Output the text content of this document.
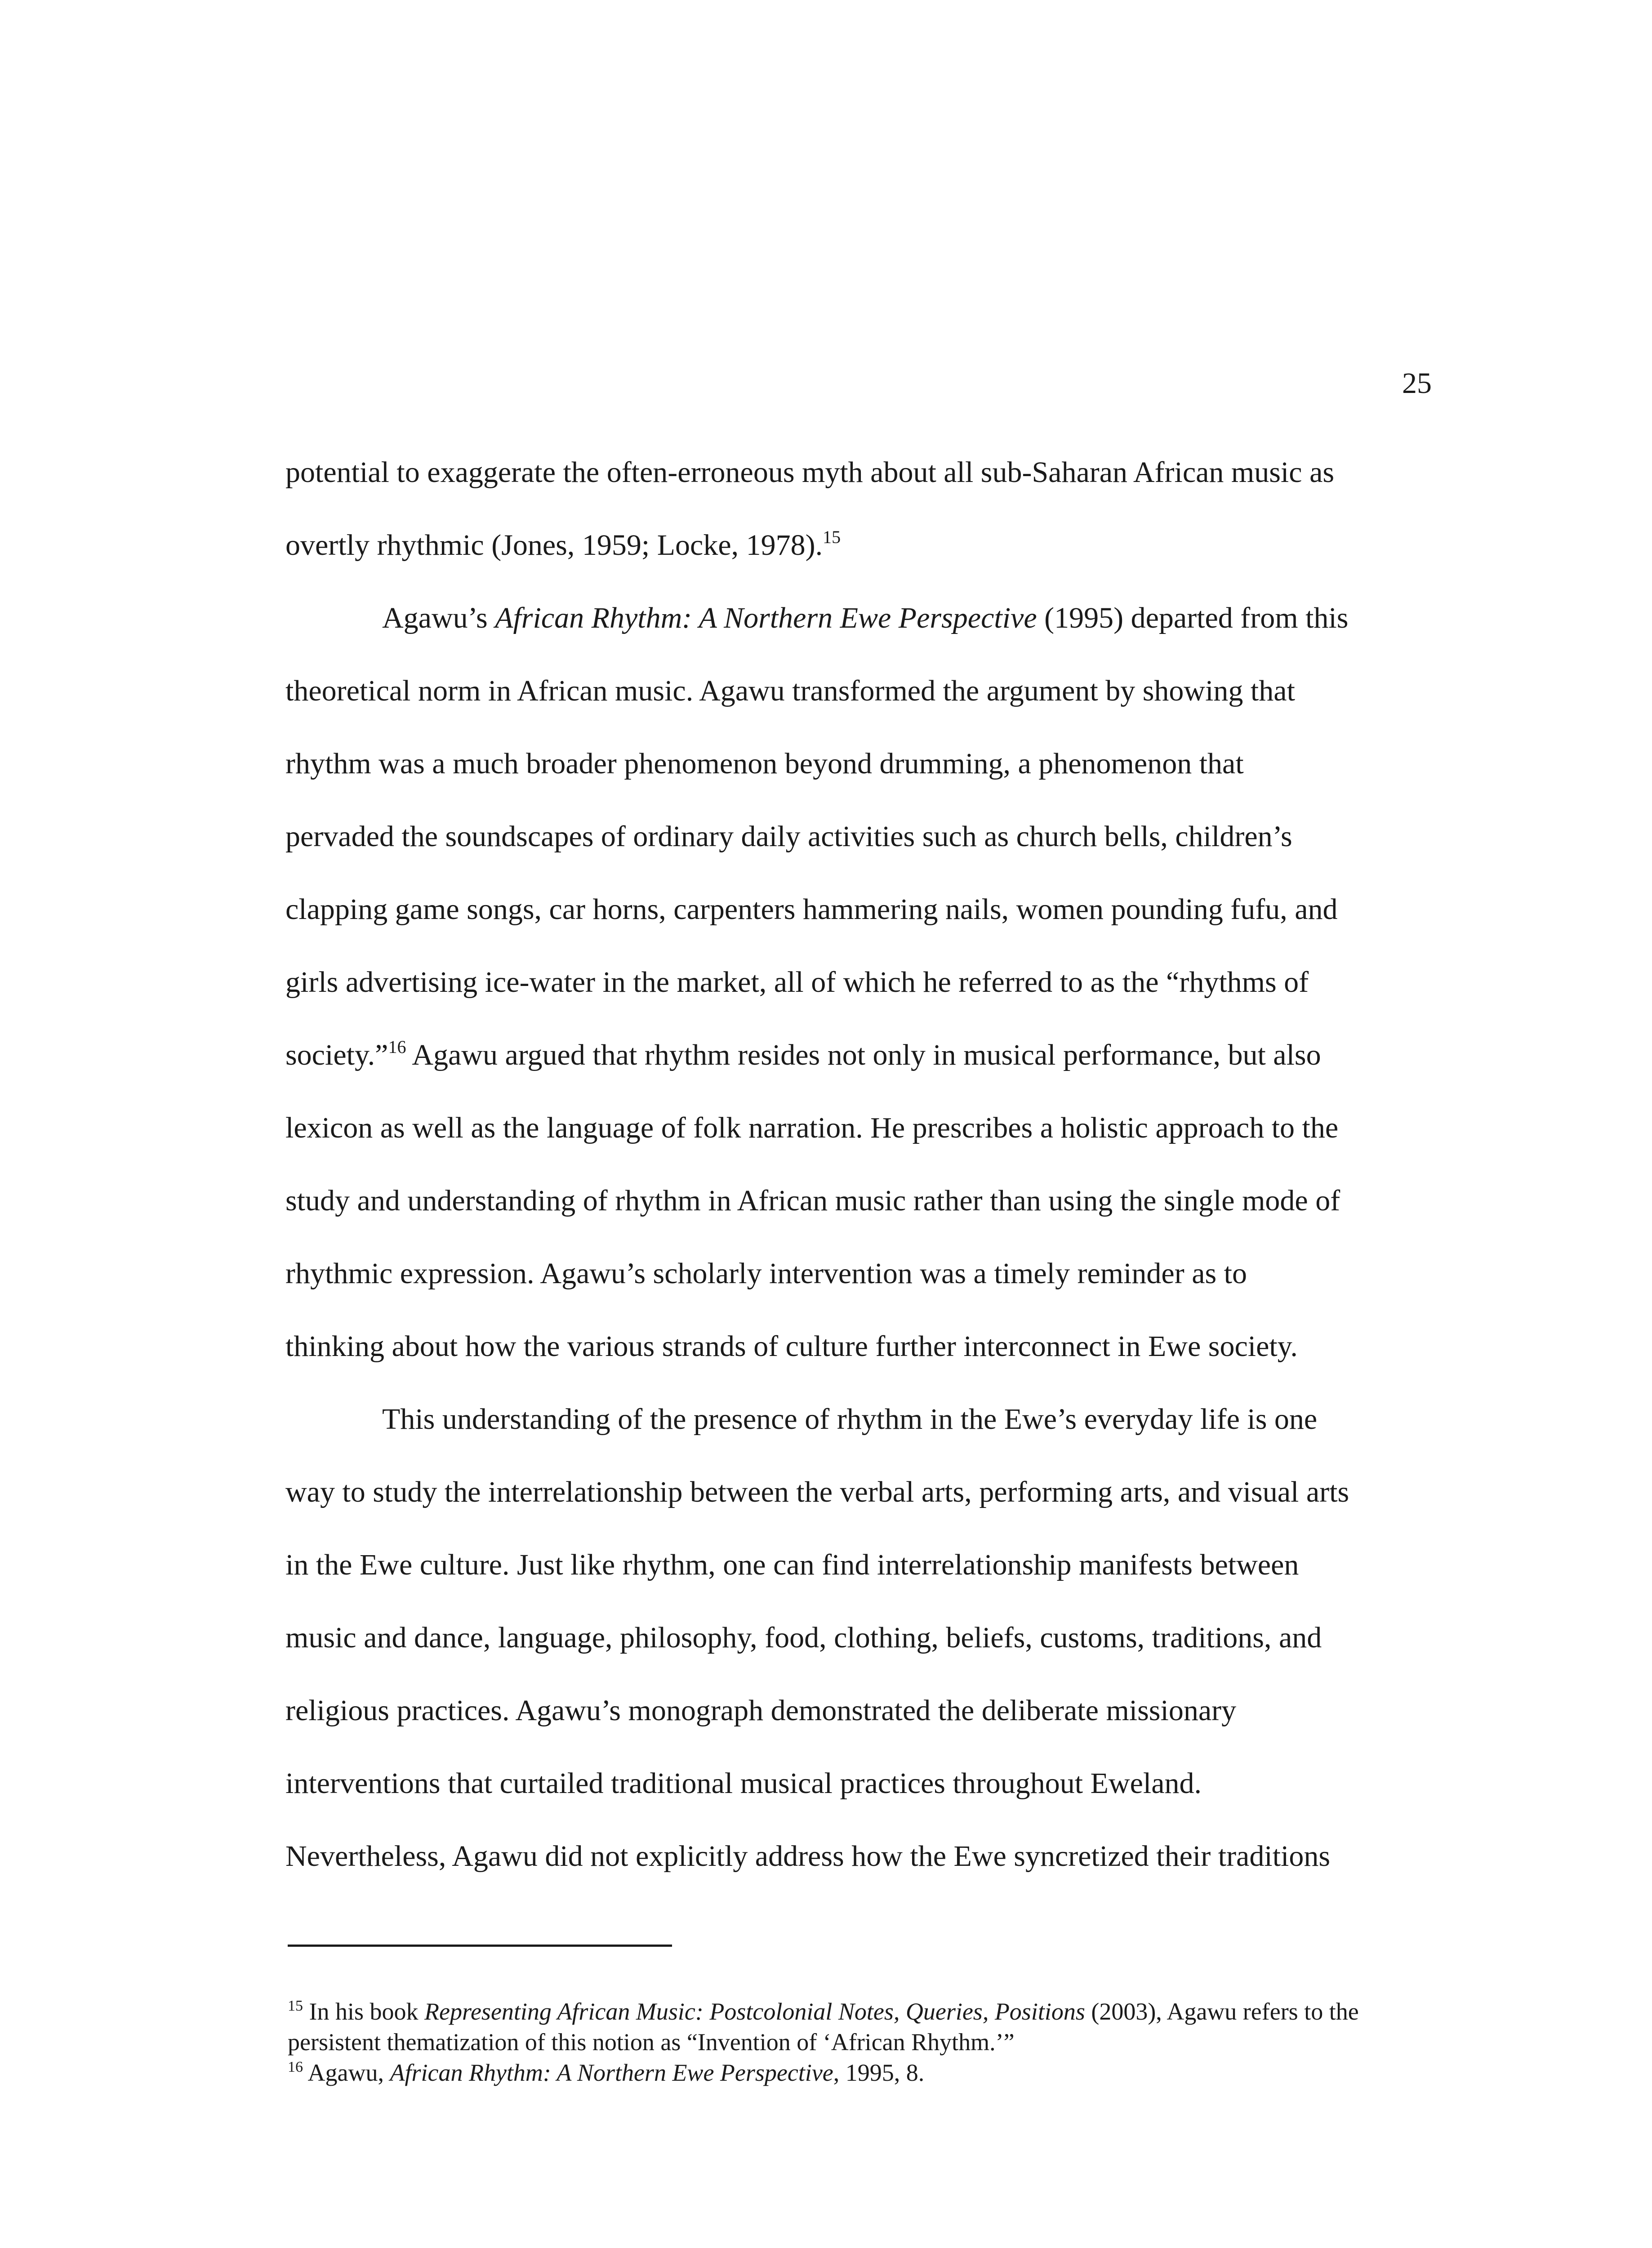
25

potential to exaggerate the often-erroneous myth about all sub-Saharan African music as
overtly rhythmic (Jones, 1959; Locke, 1978).$^{15}$

Agawu’s African Rhythm: A Northern Ewe Perspective (1995) departed from this
theoretical norm in African music. Agawu transformed the argument by showing that
rhythm was a much broader phenomenon beyond drumming, a phenomenon that
pervaded the soundscapes of ordinary daily activities such as church bells, children’s
clapping game songs, car horns, carpenters hammering nails, women pounding fufu, and
girls advertising ice-water in the market, all of which he referred to as the “rhythms of
society.”$^{16}$ Agawu argued that rhythm resides not only in musical performance, but also
lexicon as well as the language of folk narration. He prescribes a holistic approach to the
study and understanding of rhythm in African music rather than using the single mode of
rhythmic expression. Agawu’s scholarly intervention was a timely reminder as to
thinking about how the various strands of culture further interconnect in Ewe society.

This understanding of the presence of rhythm in the Ewe’s everyday life is one
way to study the interrelationship between the verbal arts, performing arts, and visual arts
in the Ewe culture. Just like rhythm, one can find interrelationship manifests between
music and dance, language, philosophy, food, clothing, beliefs, customs, traditions, and
religious practices. Agawu’s monograph demonstrated the deliberate missionary
interventions that curtailed traditional musical practices throughout Eweland.
Nevertheless, Agawu did not explicitly address how the Ewe syncretized their traditions

$^{15}$ In his book Representing African Music: Postcolonial Notes, Queries, Positions (2003), Agawu refers to the persistent thematization of this notion as “Invention of ‘African Rhythm.’”

$^{16}$ Agawu, African Rhythm: A Northern Ewe Perspective, 1995, 8.
